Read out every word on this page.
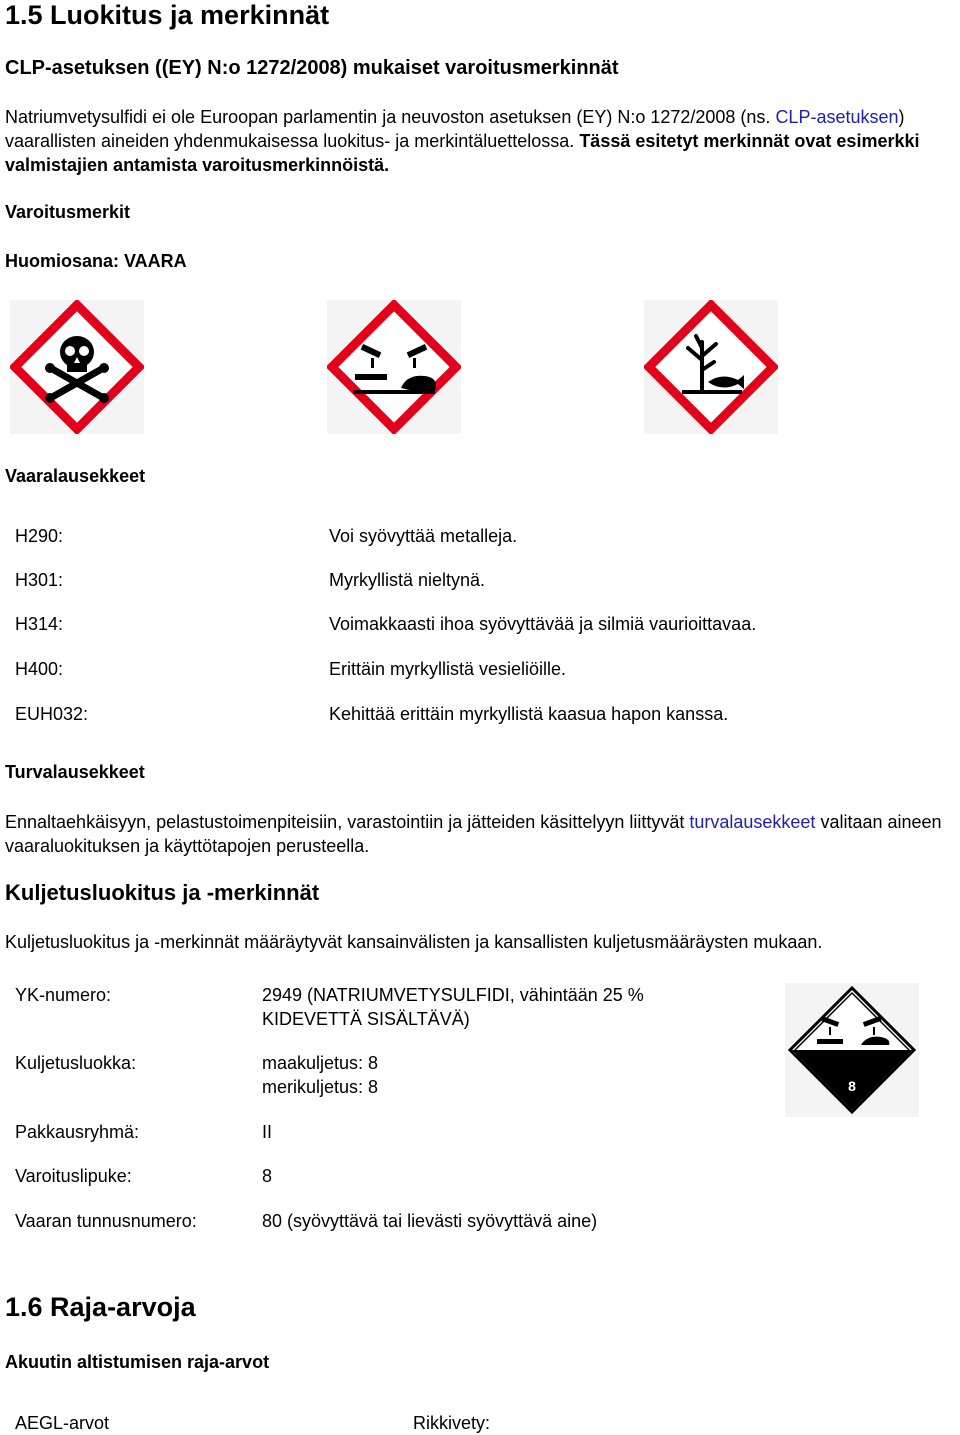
1.5 Luokitus ja merkinnät
CLP-asetuksen ((EY) N:o 1272/2008) mukaiset varoitusmerkinnät
Natriumvetysulfidi ei ole Euroopan parlamentin ja neuvoston asetuksen (EY) N:o 1272/2008 (ns. CLP-asetuksen) vaarallisten aineiden yhdenmukaisessa luokitus- ja merkintäluettelossa. Tässä esitetyt merkinnät ovat esimerkki valmistajien antamista varoitusmerkinnöistä.
Varoitusmerkit
Huomiosana: VAARA
Vaaralausekkeet
H290:	Voi syövyttää metalleja.
H301:	Myrkyllistä nieltynä.
H314:	Voimakkaasti ihoa syövyttävää ja silmiä vaurioittavaa.
H400:	Erittäin myrkyllistä vesieliöille.
EUH032:	Kehittää erittäin myrkyllistä kaasua hapon kanssa.
Turvalausekkeet
Ennaltaehkäisyyn, pelastustoimenpiteisiin, varastointiin ja jätteiden käsittelyyn liittyvät turvalausekkeet valitaan aineen vaaraluokituksen ja käyttötapojen perusteella.
Kuljetusluokitus ja -merkinnät
Kuljetusluokitus ja -merkinnät määräytyvät kansainvälisten ja kansallisten kuljetusmääräysten mukaan.
YK-numero:	2949 (NATRIUMVETYSULFIDI, vähintään 25 %
KIDEVETTÄ SISÄLTÄVÄ)
Kuljetusluokka:	maakuljetus: 8
merikuljetus: 8
Pakkausryhmä:	II
Varoituslipuke:	8
Vaaran tunnusnumero:	80 (syövyttävä tai lievästi syövyttävä aine)
8
1.6 Raja-arvoja
Akuutin altistumisen raja-arvot
AEGL-arvot	Rikkivety:
